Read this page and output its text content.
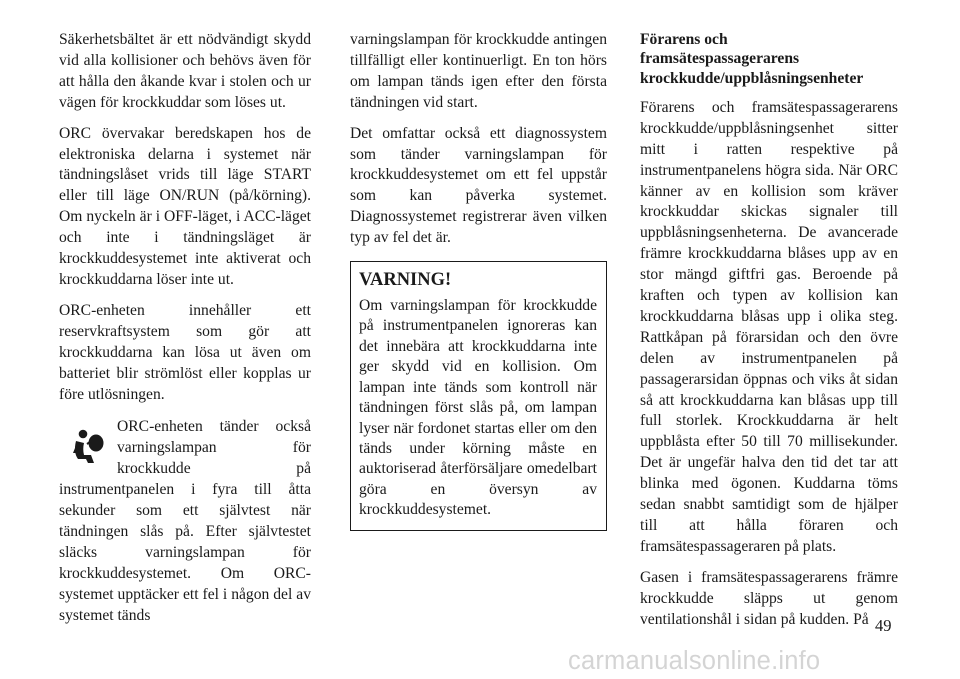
Säkerhetsbältet är ett nödvändigt skydd vid alla kollisioner och behövs även för att hålla den åkande kvar i stolen och ur vägen för krockkuddar som löses ut.

ORC övervakar beredskapen hos de elektroniska delarna i systemet när tändningslåset vrids till läge START eller till läge ON/RUN (på/körning). Om nyckeln är i OFF-läget, i ACC-läget och inte i tändningsläget är krockkuddesystemet inte aktiverat och krockkuddarna löser inte ut.

ORC-enheten innehåller ett reservkraftsystem som gör att krockkuddarna kan lösa ut även om batteriet blir strömlöst eller kopplas ur före utlösningen.

ORC-enheten tänder också varningslampan för krockkudde på instrumentpanelen i fyra till åtta sekunder som ett självtest när tändningen slås på. Efter självtestet släcks varningslampan för krockkuddesystemet. Om ORC-systemet upptäcker ett fel i någon del av systemet tänds

varningslampan för krockkudde antingen tillfälligt eller kontinuerligt. En ton hörs om lampan tänds igen efter den första tändningen vid start.

Det omfattar också ett diagnossystem som tänder varningslampan för krockkuddesystemet om ett fel uppstår som kan påverka systemet. Diagnossystemet registrerar även vilken typ av fel det är.

VARNING!

Om varningslampan för krockkudde på instrumentpanelen ignoreras kan det innebära att krockkuddarna inte ger skydd vid en kollision. Om lampan inte tänds som kontroll när tändningen först slås på, om lampan lyser när fordonet startas eller om den tänds under körning måste en auktoriserad återförsäljare omedelbart göra en översyn av krockkuddesystemet.

Förarens och
framsätespassagerarens
krockkudde/uppblåsningsenheter

Förarens och framsätespassagerarens krockkudde/uppblåsningsenhet sitter mitt i ratten respektive på instrumentpanelens högra sida. När ORC känner av en kollision som kräver krockkuddar skickas signaler till uppblåsningsenheterna. De avancerade främre krockkuddarna blåses upp av en stor mängd giftfri gas. Beroende på kraften och typen av kollision kan krockkuddarna blåsas upp i olika steg. Rattkåpan på förarsidan och den övre delen av instrumentpanelen på passagerarsidan öppnas och viks åt sidan så att krockkuddarna kan blåsas upp till full storlek. Krockkuddarna är helt uppblåsta efter 50 till 70 millisekunder. Det är ungefär halva den tid det tar att blinka med ögonen. Kuddarna töms sedan snabbt samtidigt som de hjälper till att hålla föraren och framsätespassageraren på plats.

Gasen i framsätespassagerarens främre krockkudde släpps ut genom ventilationshål i sidan på kudden. På 49
carmanualsonline.info
